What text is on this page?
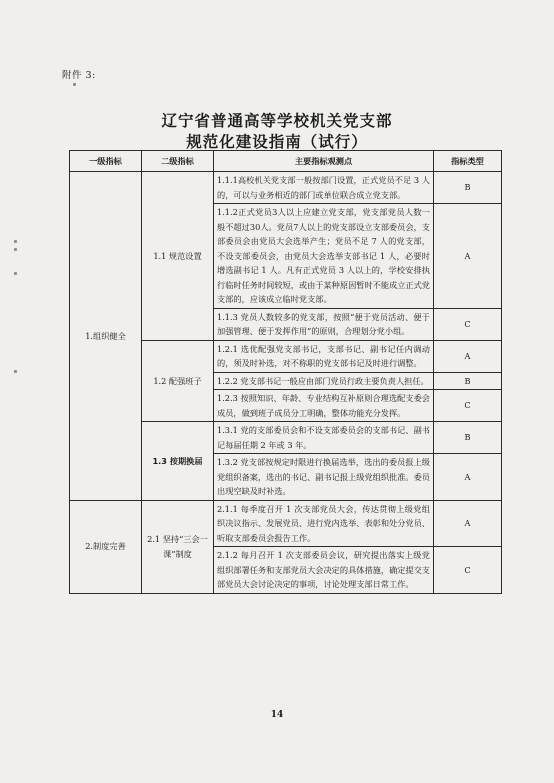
附件 3:
辽宁省普通高等学校机关党支部
规范化建设指南（试行）
一级指标	二级指标	主要指标观测点	指标类型
1.组织健全	1.1 规范设置	1.1.1高校机关党支部一般按部门设置，正式党员不足 3 人的，可以与业务相近的部门或单位联合成立党支部。	B
		1.1.2正式党员3人以上应建立党支部，党支部党员人数一般不超过30人。党员7人以上的党支部设立支部委员会，支部委员会由党员大会选举产生；党员不足 7 人的党支部，不设支部委员会，由党员大会选举支部书记 1 人，必要时增选副书记 1 人。凡有正式党员 3 人以上的，学校安排执行临时任务时间较短，或由于某种原因暂时不能成立正式党支部的，应该成立临时党支部。	A
		1.1.3 党员人数较多的党支部，按照“便于党员活动、便于加强管理、便于发挥作用”的原则，合理划分党小组。	C
	1.2 配强班子	1.2.1 选优配强党支部书记，支部书记、副书记任内调动的，须及时补选，对不称职的党支部书记及时进行调整。	A
		1.2.2 党支部书记一般应由部门党员行政主要负责人担任。	B
		1.2.3 按照知识、年龄、专业结构互补原则合理选配支委会成员，做到班子成员分工明确，整体功能充分发挥。	C
	1.3 按期换届	1.3.1 党的支部委员会和不设支部委员会的支部书记、副书记每届任期 2 年或 3 年。	B
		1.3.2 党支部按规定时限进行换届选举，选出的委员报上级党组织备案，选出的书记、副书记报上级党组织批准。委员出现空缺及时补选。	A
2.制度完善	2.1 坚持“三会一课”制度	2.1.1 每季度召开 1 次支部党员大会，传达贯彻上级党组织决议指示、发展党员、进行党内选举、表彰和处分党员、听取支部委员会报告工作。	A
		2.1.2 每月召开 1 次支部委员会议，研究提出落实上级党组织部署任务和支部党员大会决定的具体措施，确定提交支部党员大会讨论决定的事项，讨论处理支部日常工作。	C
14
